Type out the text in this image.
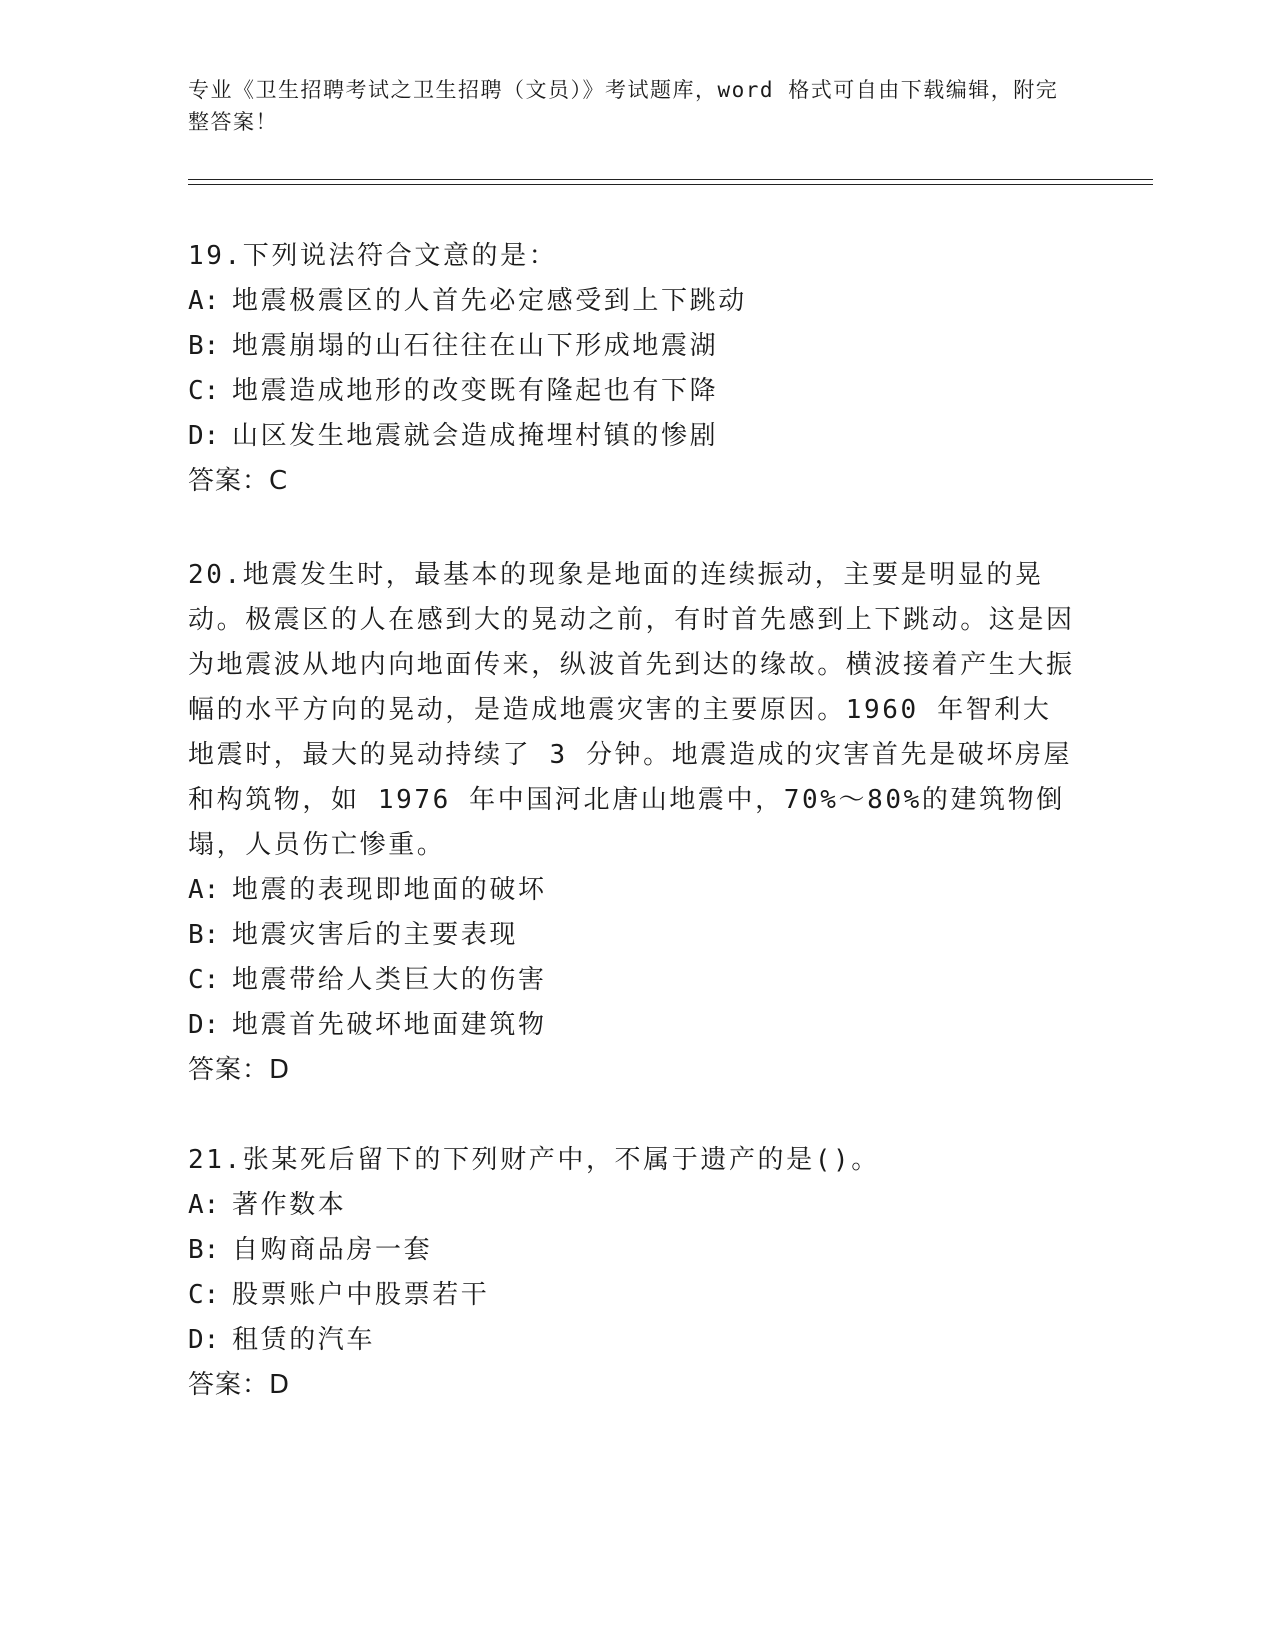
专业《卫生招聘考试之卫生招聘（文员）》考试题库，word 格式可自由下载编辑，附完整答案！

19.下列说法符合文意的是：

A: 地震极震区的人首先必定感受到上下跳动

B: 地震崩塌的山石往往在山下形成地震湖

C: 地震造成地形的改变既有隆起也有下降

D: 山区发生地震就会造成掩埋村镇的惨剧

答案：C

20.地震发生时，最基本的现象是地面的连续振动，主要是明显的晃动。极震区的人在感到大的晃动之前，有时首先感到上下跳动。这是因为地震波从地内向地面传来，纵波首先到达的缘故。横波接着产生大振幅的水平方向的晃动，是造成地震灾害的主要原因。1960 年智利大地震时，最大的晃动持续了 3 分钟。地震造成的灾害首先是破坏房屋和构筑物，如 1976 年中国河北唐山地震中，70%～80%的建筑物倒塌，人员伤亡惨重。

A: 地震的表现即地面的破坏

B: 地震灾害后的主要表现

C: 地震带给人类巨大的伤害

D: 地震首先破坏地面建筑物

答案：D

21.张某死后留下的下列财产中，不属于遗产的是()。

A: 著作数本

B: 自购商品房一套

C: 股票账户中股票若干

D: 租赁的汽车

答案：D
